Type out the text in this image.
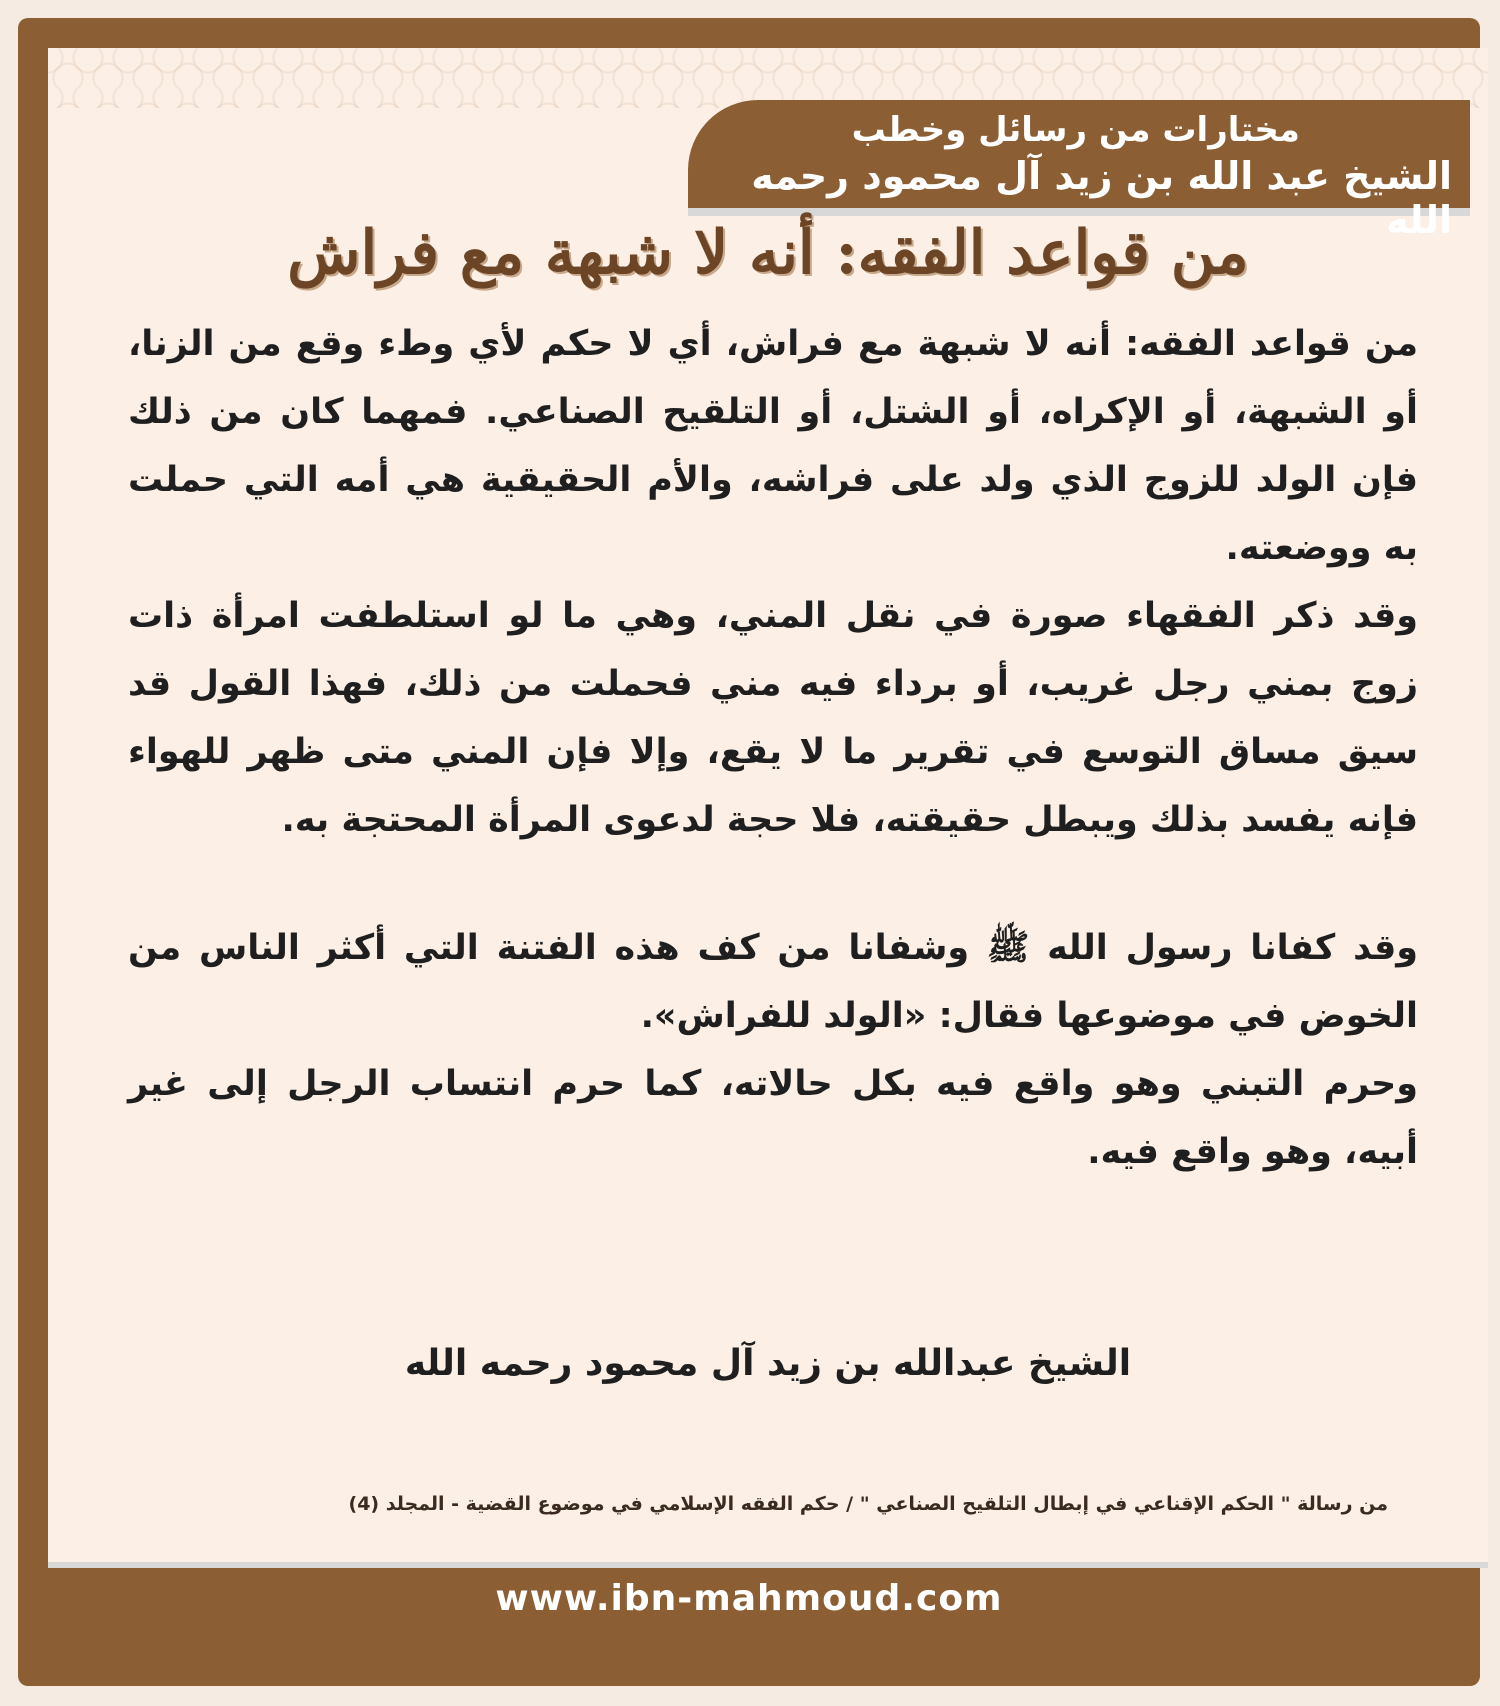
مختارات من رسائل وخطب
الشيخ عبد الله بن زيد آل محمود رحمه الله
من قواعد الفقه: أنه لا شبهة مع فراش

من قواعد الفقه: أنه لا شبهة مع فراش، أي لا حكم لأي وطء وقع من الزنا، أو الشبهة، أو الإكراه، أو الشتل، أو التلقيح الصناعي. فمهما كان من ذلك فإن الولد للزوج الذي ولد على فراشه، والأم الحقيقية هي أمه التي حملت به ووضعته.

وقد ذكر الفقهاء صورة في نقل المني، وهي ما لو استلطفت امرأة ذات زوج بمني رجل غريب، أو برداء فيه مني فحملت من ذلك، فهذا القول قد سيق مساق التوسع في تقرير ما لا يقع، وإلا فإن المني متى ظهر للهواء فإنه يفسد بذلك ويبطل حقيقته، فلا حجة لدعوى المرأة المحتجة به.

وقد كفانا رسول الله ﷺ وشفانا من كف هذه الفتنة التي أكثر الناس من الخوض في موضوعها فقال: «الولد للفراش».

وحرم التبني وهو واقع فيه بكل حالاته، كما حرم انتساب الرجل إلى غير أبيه، وهو واقع فيه.

الشيخ عبدالله بن زيد آل محمود رحمه الله
من رسالة " الحكم الإقناعي في إبطال التلقيح الصناعي " / حكم الفقه الإسلامي في موضوع القضية - المجلد (4)
www.ibn-mahmoud.com
